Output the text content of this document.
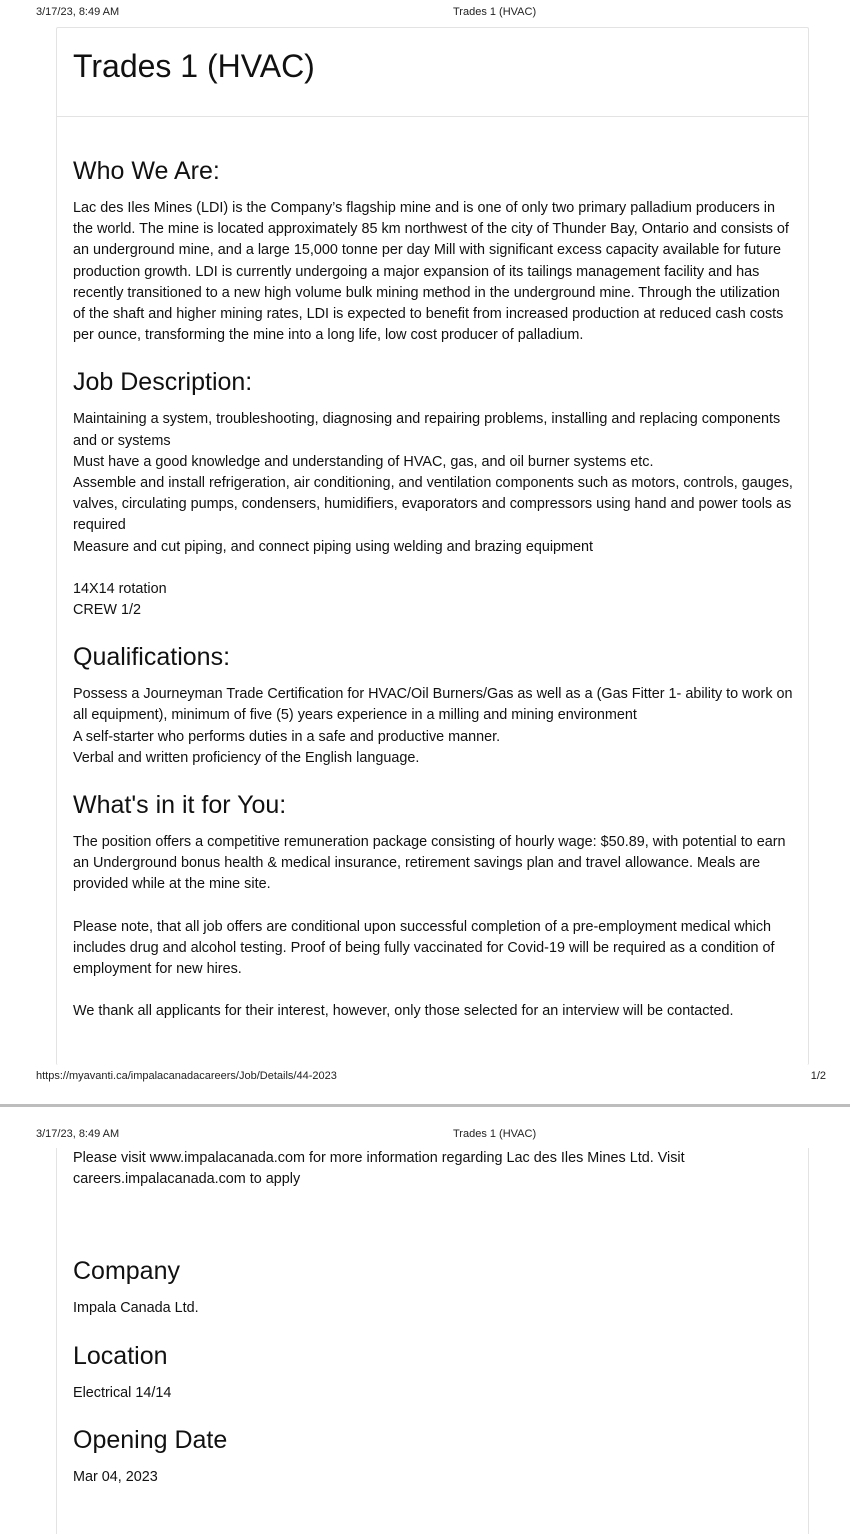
3/17/23, 8:49 AM	Trades 1 (HVAC)
Trades 1 (HVAC)
Who We Are:

Lac des Iles Mines (LDI) is the Company’s flagship mine and is one of only two primary palladium producers in the world. The mine is located approximately 85 km northwest of the city of Thunder Bay, Ontario and consists of an underground mine, and a large 15,000 tonne per day Mill with significant excess capacity available for future production growth. LDI is currently undergoing a major expansion of its tailings management facility and has recently transitioned to a new high volume bulk mining method in the underground mine. Through the utilization of the shaft and higher mining rates, LDI is expected to benefit from increased production at reduced cash costs per ounce, transforming the mine into a long life, low cost producer of palladium.

Job Description:

Maintaining a system, troubleshooting, diagnosing and repairing problems, installing and replacing components and or systems

Must have a good knowledge and understanding of HVAC, gas, and oil burner systems etc.

Assemble and install refrigeration, air conditioning, and ventilation components such as motors, controls, gauges, valves, circulating pumps, condensers, humidifiers, evaporators and compressors using hand and power tools as required

Measure and cut piping, and connect piping using welding and brazing equipment

14X14 rotation

CREW 1/2

Qualifications:

Possess a Journeyman Trade Certification for HVAC/Oil Burners/Gas as well as a (Gas Fitter 1- ability to work on all equipment), minimum of five (5) years experience in a milling and mining environment

A self-starter who performs duties in a safe and productive manner.

Verbal and written proficiency of the English language.

What's in it for You:

The position offers a competitive remuneration package consisting of hourly wage: $50.89, with potential to earn an Underground bonus health & medical insurance, retirement savings plan and travel allowance. Meals are provided while at the mine site.

Please note, that all job offers are conditional upon successful completion of a pre-employment medical which includes drug and alcohol testing. Proof of being fully vaccinated for Covid-19 will be required as a condition of employment for new hires.

We thank all applicants for their interest, however, only those selected for an interview will be contacted.

https://myavanti.ca/impalacanadacareers/Job/Details/44-2023	1/2
3/17/23, 8:49 AM	Trades 1 (HVAC)

Please visit www.impalacanada.com for more information regarding Lac des Iles Mines Ltd. Visit careers.impalacanada.com to apply

Company

Impala Canada Ltd.

Location

Electrical 14/14

Opening Date

Mar 04, 2023
